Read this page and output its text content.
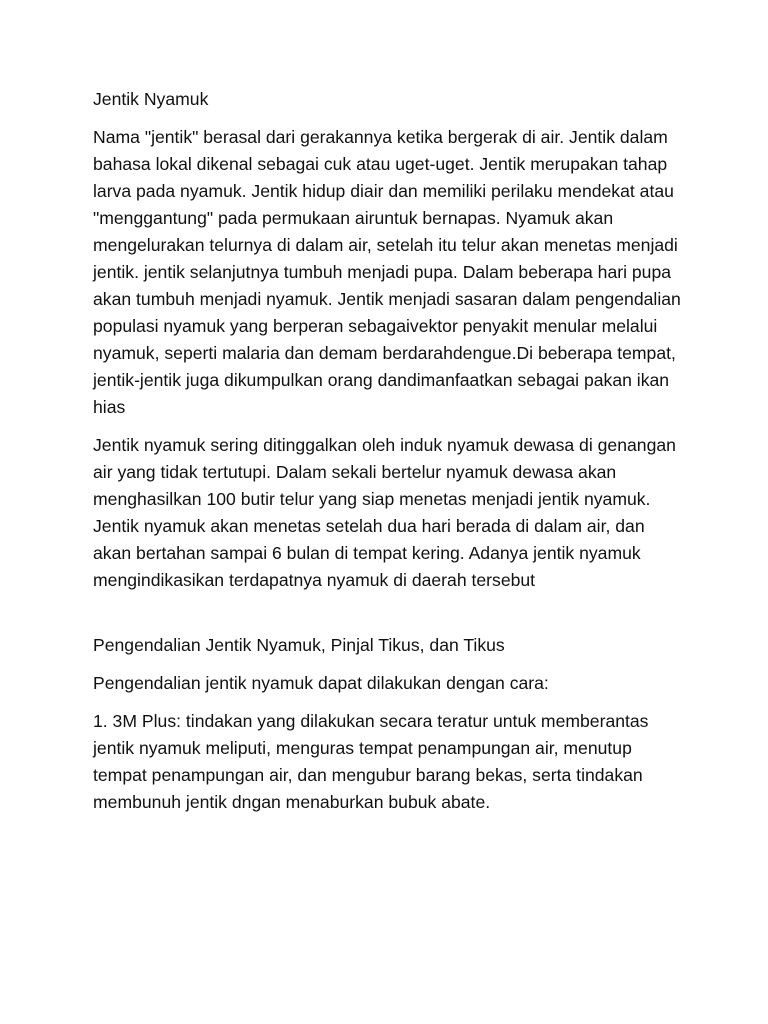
Jentik Nyamuk

Nama "jentik" berasal dari gerakannya ketika bergerak di air. Jentik dalam bahasa lokal dikenal sebagai cuk atau uget-uget. Jentik merupakan tahap larva pada nyamuk. Jentik hidup diair dan memiliki perilaku mendekat atau "menggantung" pada permukaan airuntuk bernapas. Nyamuk akan mengelurakan telurnya di dalam air, setelah itu telur akan menetas menjadi jentik. jentik selanjutnya tumbuh menjadi pupa. Dalam beberapa hari pupa akan tumbuh menjadi nyamuk. Jentik menjadi sasaran dalam pengendalian populasi nyamuk yang berperan sebagaivektor penyakit menular melalui nyamuk, seperti malaria dan demam berdarahdengue.Di beberapa tempat, jentik-jentik juga dikumpulkan orang dandimanfaatkan sebagai pakan ikan hias

Jentik nyamuk sering ditinggalkan oleh induk nyamuk dewasa di genangan air yang tidak tertutupi. Dalam sekali bertelur nyamuk dewasa akan menghasilkan 100 butir telur yang siap menetas menjadi jentik nyamuk. Jentik nyamuk akan menetas setelah dua hari berada di dalam air, dan akan bertahan sampai 6 bulan di tempat kering. Adanya jentik nyamuk mengindikasikan terdapatnya nyamuk di daerah tersebut

Pengendalian Jentik Nyamuk, Pinjal Tikus, dan Tikus

Pengendalian jentik nyamuk dapat dilakukan dengan cara:

1. 3M Plus: tindakan yang dilakukan secara teratur untuk memberantas jentik nyamuk meliputi, menguras tempat penampungan air, menutup tempat penampungan air, dan mengubur barang bekas, serta tindakan membunuh jentik dngan menaburkan bubuk abate.
